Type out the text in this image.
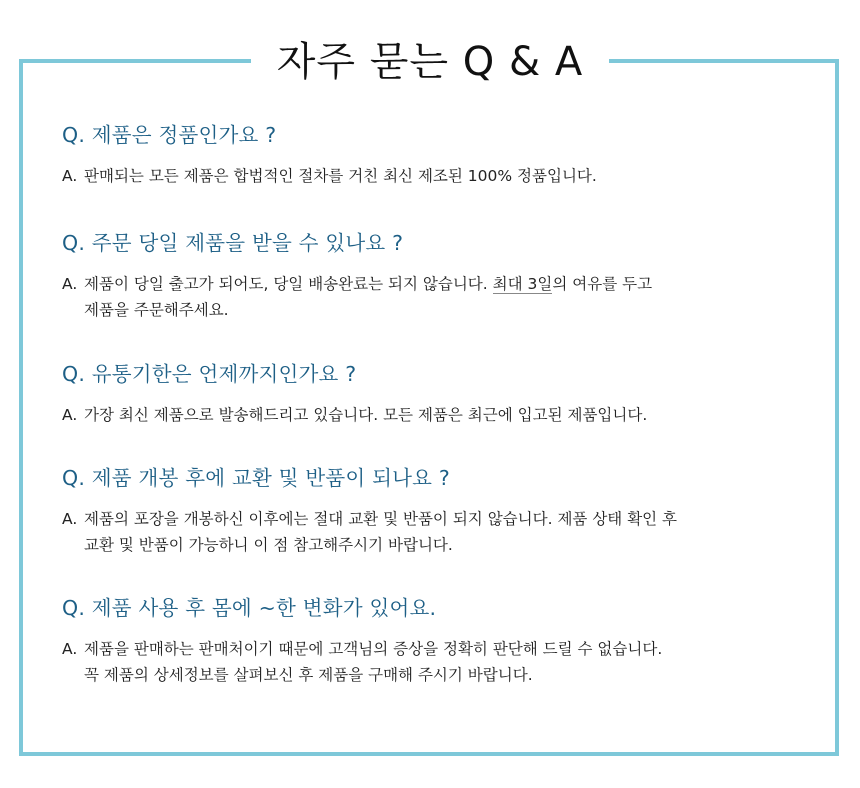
자주 묻는 Q & A

Q. 제품은 정품인가요 ?

A. 판매되는 모든 제품은 합법적인 절차를 거친 최신 제조된 100% 정품입니다.

Q. 주문 당일 제품을 받을 수 있나요 ?

A. 제품이 당일 출고가 되어도, 당일 배송완료는 되지 않습니다. 최대 3일의 여유를 두고
제품을 주문해주세요.

Q. 유통기한은 언제까지인가요 ?

A. 가장 최신 제품으로 발송해드리고 있습니다. 모든 제품은 최근에 입고된 제품입니다.

Q. 제품 개봉 후에 교환 및 반품이 되나요 ?

A. 제품의 포장을 개봉하신 이후에는 절대 교환 및 반품이 되지 않습니다. 제품 상태 확인 후
교환 및 반품이 가능하니 이 점 참고해주시기 바랍니다.

Q. 제품 사용 후 몸에 ~한 변화가 있어요.

A. 제품을 판매하는 판매처이기 때문에 고객님의 증상을 정확히 판단해 드릴 수 없습니다.
꼭 제품의 상세정보를 살펴보신 후 제품을 구매해 주시기 바랍니다.
